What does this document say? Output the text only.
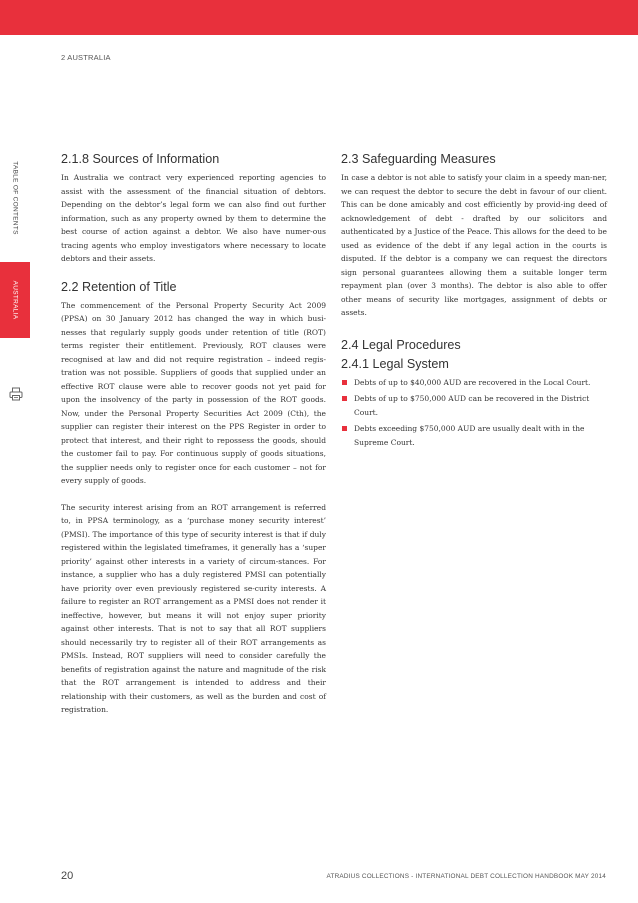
2 AUSTRALIA
TABLE OF CONTENTS
AUSTRALIA
2.1.8 Sources of Information

In Australia we contract very experienced reporting agencies to assist with the assessment of the financial situation of debtors. Depending on the debtor’s legal form we can also find out further information, such as any property owned by them to determine the best course of action against a debtor. We also have numer-ous tracing agents who employ investigators where necessary to locate debtors and their assets.

2.2 Retention of Title

The commencement of the Personal Property Security Act 2009 (PPSA) on 30 January 2012 has changed the way in which busi-nesses that regularly supply goods under retention of title (ROT) terms register their entitlement. Previously, ROT clauses were recognised at law and did not require registration – indeed regis-tration was not possible. Suppliers of goods that supplied under an effective ROT clause were able to recover goods not yet paid for upon the insolvency of the party in possession of the ROT goods. Now, under the Personal Property Securities Act 2009 (Cth), the supplier can register their interest on the PPS Register in order to protect that interest, and their right to repossess the goods, should the customer fail to pay. For continuous supply of goods situations, the supplier needs only to register once for each customer – not for every supply of goods.

The security interest arising from an ROT arrangement is referred to, in PPSA terminology, as a ‘purchase money security interest’ (PMSI). The importance of this type of security interest is that if duly registered within the legislated timeframes, it generally has a ‘super priority’ against other interests in a variety of circum-stances. For instance, a supplier who has a duly registered PMSI can potentially have priority over even previously registered se-curity interests. A failure to register an ROT arrangement as a PMSI does not render it ineffective, however, but means it will not enjoy super priority against other interests. That is not to say that all ROT suppliers should necessarily try to register all of their ROT arrangements as PMSIs. Instead, ROT suppliers will need to consider carefully the benefits of registration against the nature and magnitude of the risk that the ROT arrangement is intended to address and their relationship with their customers, as well as the burden and cost of registration.

2.3 Safeguarding Measures

In case a debtor is not able to satisfy your claim in a speedy man-ner, we can request the debtor to secure the debt in favour of our client. This can be done amicably and cost efficiently by provid-ing deed of acknowledgement of debt - drafted by our solicitors and authenticated by a Justice of the Peace. This allows for the deed to be used as evidence of the debt if any legal action in the courts is disputed. If the debtor is a company we can request the directors sign personal guarantees allowing them a suitable longer term repayment plan (over 3 months). The debtor is also able to offer other means of security like mortgages, assignment of debts or assets.

2.4 Legal Procedures
2.4.1 Legal System
Debts of up to $40,000 AUD are recovered in the Local Court.
Debts of up to $750,000 AUD can be recovered in the District Court.
Debts exceeding $750,000 AUD are usually dealt with in the Supreme Court.
20	ATRADIUS COLLECTIONS - INTERNATIONAL DEBT COLLECTION HANDBOOK MAY 2014
